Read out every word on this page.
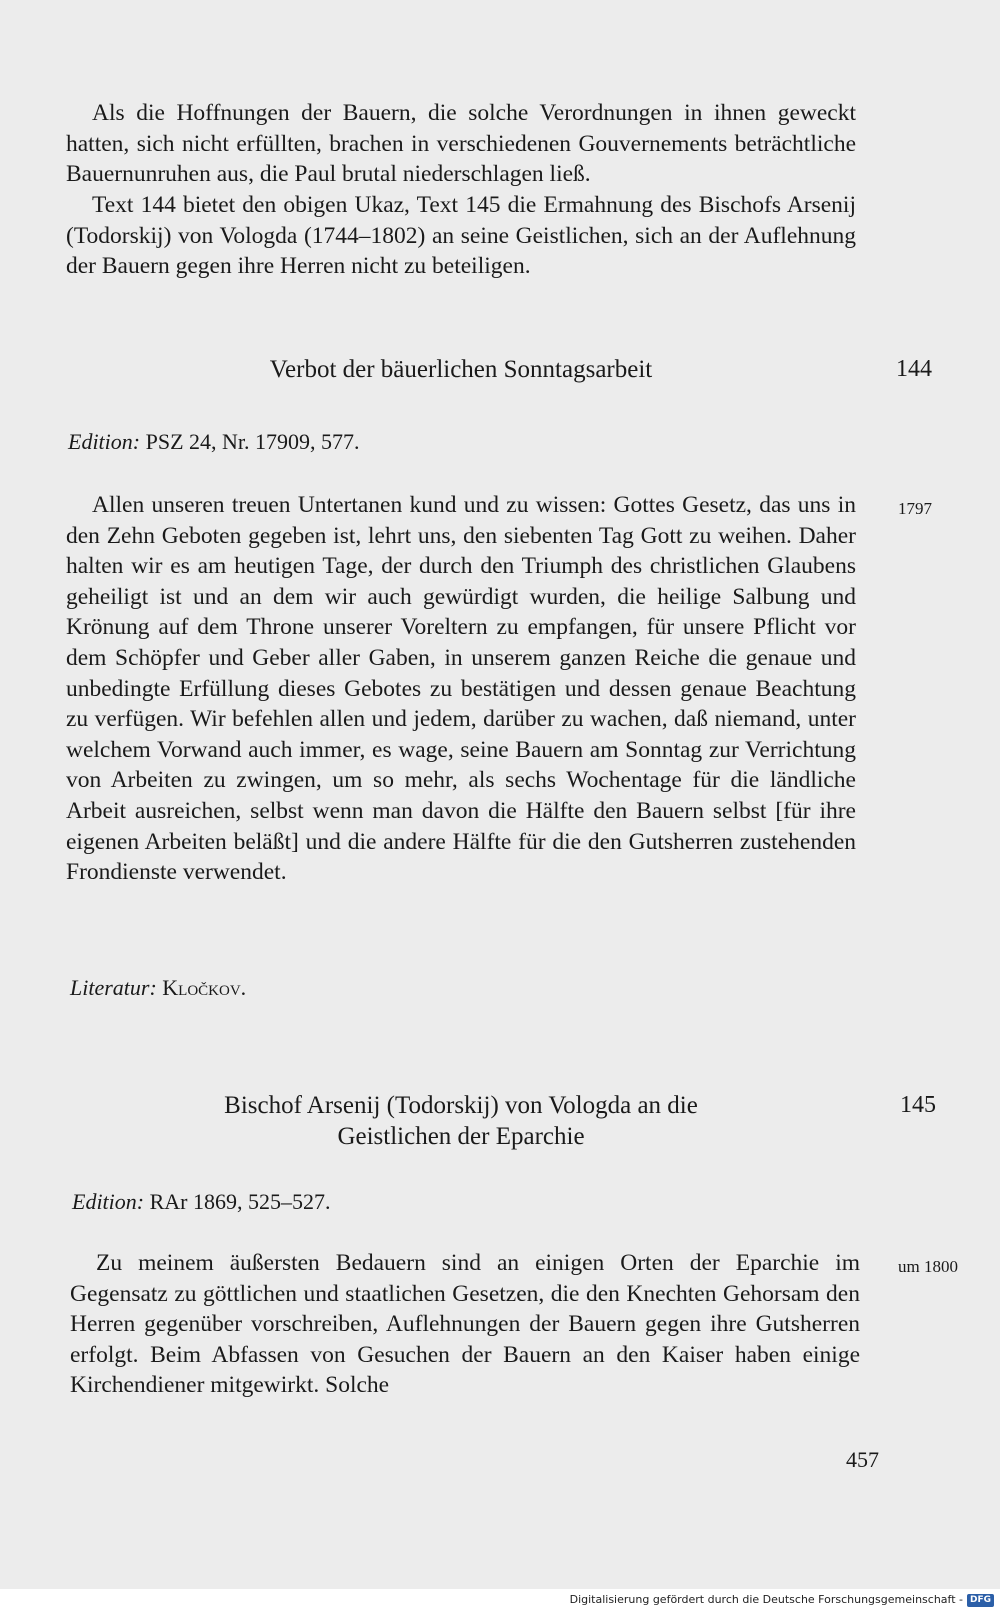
Als die Hoffnungen der Bauern, die solche Verordnungen in ihnen geweckt hatten, sich nicht erfüllten, brachen in verschiedenen Gouvernements beträchtliche Bauernunruhen aus, die Paul brutal niederschlagen ließ.

Text 144 bietet den obigen Ukaz, Text 145 die Ermahnung des Bischofs Arsenij (Todorskij) von Vologda (1744–1802) an seine Geistlichen, sich an der Auflehnung der Bauern gegen ihre Herren nicht zu beteiligen.

Verbot der bäuerlichen Sonntagsarbeit	144
Edition: PSZ 24, Nr. 17909, 577.
1797

Allen unseren treuen Untertanen kund und zu wissen: Gottes Gesetz, das uns in den Zehn Geboten gegeben ist, lehrt uns, den siebenten Tag Gott zu weihen. Daher halten wir es am heutigen Tage, der durch den Triumph des christlichen Glaubens geheiligt ist und an dem wir auch gewürdigt wurden, die heilige Salbung und Krönung auf dem Throne unserer Voreltern zu empfangen, für unsere Pflicht vor dem Schöpfer und Geber aller Gaben, in unserem ganzen Reiche die genaue und unbedingte Erfüllung dieses Gebotes zu bestätigen und dessen genaue Beachtung zu verfügen. Wir befehlen allen und jedem, darüber zu wachen, daß niemand, unter welchem Vorwand auch immer, es wage, seine Bauern am Sonntag zur Verrichtung von Arbeiten zu zwingen, um so mehr, als sechs Wochentage für die ländliche Arbeit ausreichen, selbst wenn man davon die Hälfte den Bauern selbst [für ihre eigenen Arbeiten beläßt] und die andere Hälfte für die den Gutsherren zustehenden Frondienste verwendet.

Literatur: Kločkov.
Bischof Arsenij (Todorskij) von Vologda an die
Geistlichen der Eparchie
145
Edition: RAr 1869, 525–527.
um 1800

Zu meinem äußersten Bedauern sind an einigen Orten der Eparchie im Gegensatz zu göttlichen und staatlichen Gesetzen, die den Knechten Gehorsam den Herren gegenüber vorschreiben, Auflehnungen der Bauern gegen ihre Gutsherren erfolgt. Beim Abfassen von Gesuchen der Bauern an den Kaiser haben einige Kirchendiener mitgewirkt. Solche

457
Digitalisierung gefördert durch die Deutsche Forschungsgemeinschaft - DFG
